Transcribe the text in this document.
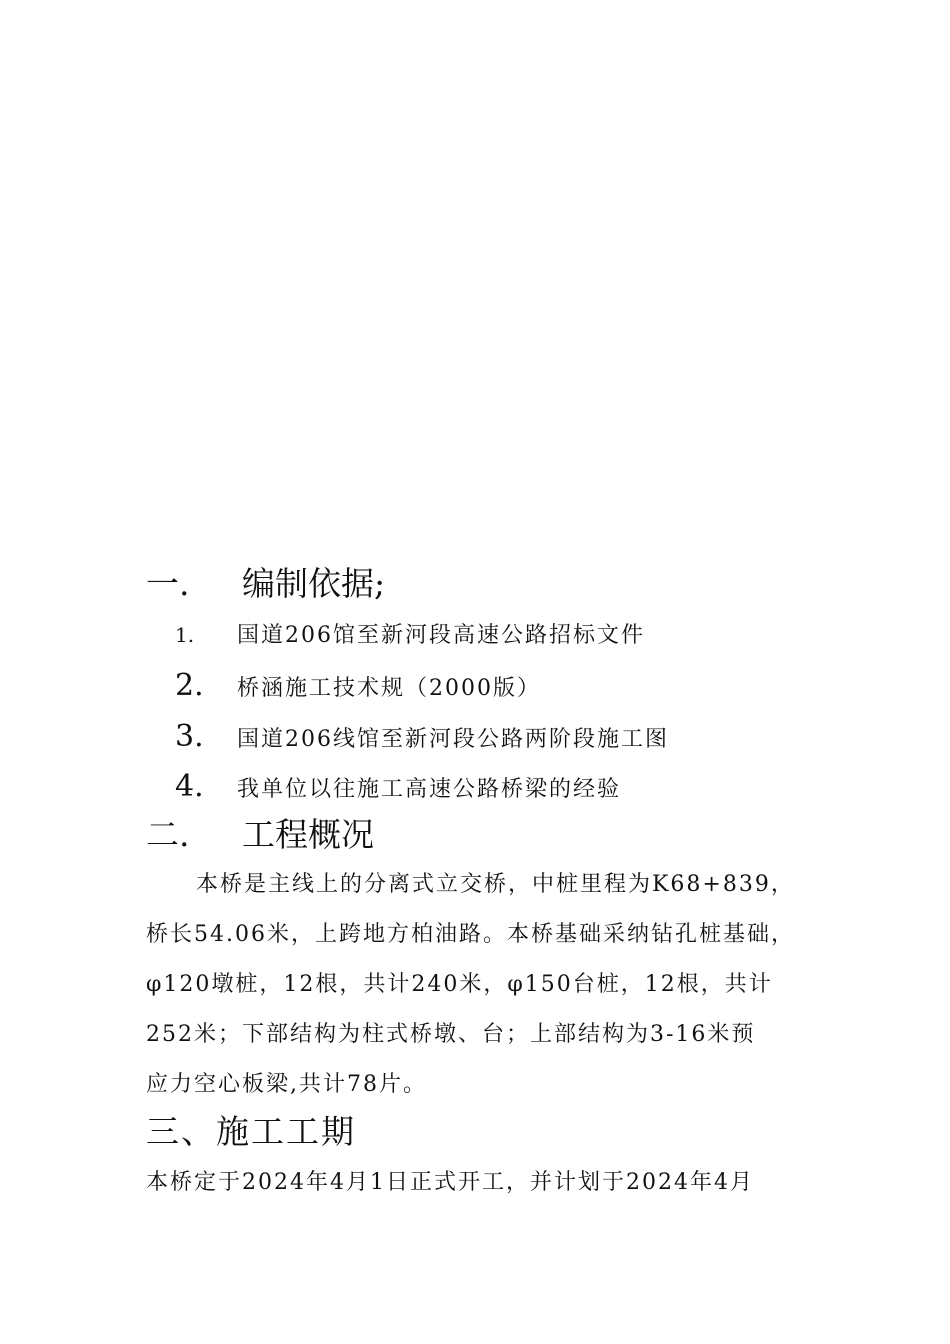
一. 编制依据;
1. 国道206馆至新河段高速公路招标文件
2. 桥涵施工技术规（2000版）
3. 国道206线馆至新河段公路两阶段施工图
4. 我单位以往施工高速公路桥梁的经验
二. 工程概况
本桥是主线上的分离式立交桥，中桩里程为K68+839，
桥长54.06米，上跨地方柏油路。本桥基础采纳钻孔桩基础，
φ120墩桩，12根，共计240米，φ150台桩，12根，共计
252米；下部结构为柱式桥墩、台；上部结构为3-16米预
应力空心板梁,共计78片。
三、施工工期
本桥定于2024年4月1日正式开工，并计划于2024年4月
